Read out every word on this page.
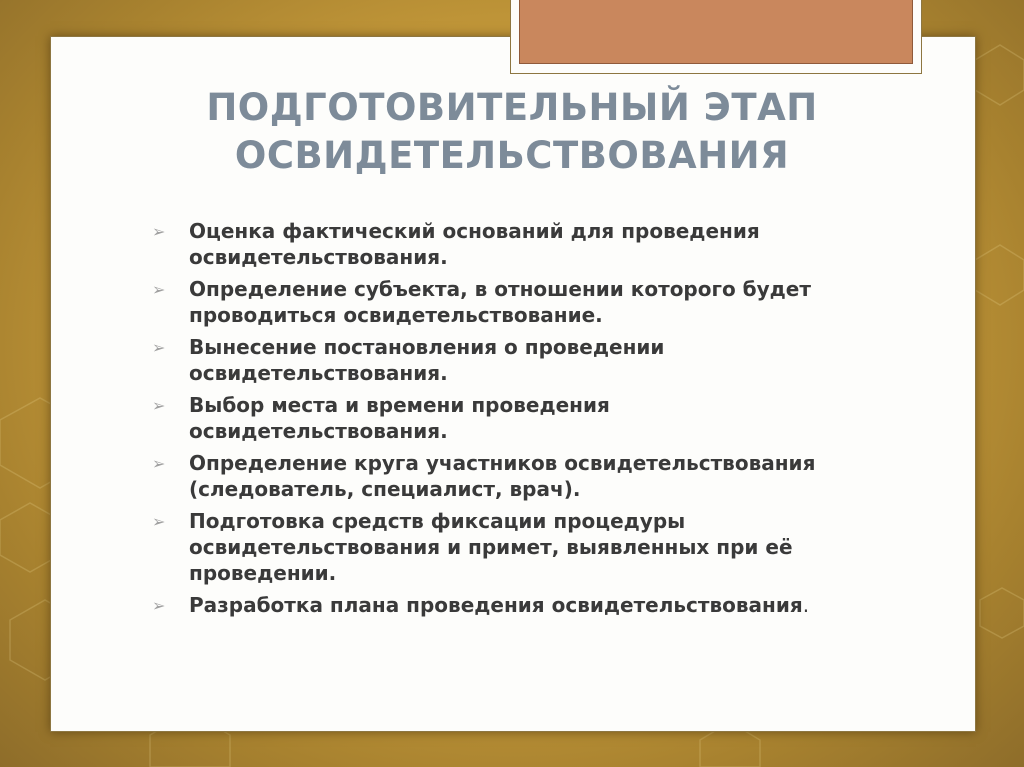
ПОДГОТОВИТЕЛЬНЫЙ ЭТАП ОСВИДЕТЕЛЬСТВОВАНИЯ
➢ Оценка фактический оснований для проведения освидетельствования.
➢ Определение субъекта, в отношении которого будет проводиться освидетельствование.
➢ Вынесение постановления о проведении освидетельствования.
➢ Выбор места и времени проведения освидетельствования.
➢ Определение круга участников освидетельствования (следователь, специалист, врач).
➢ Подготовка средств фиксации процедуры освидетельствования и примет, выявленных при её проведении.
➢ Разработка плана проведения освидетельствования.
